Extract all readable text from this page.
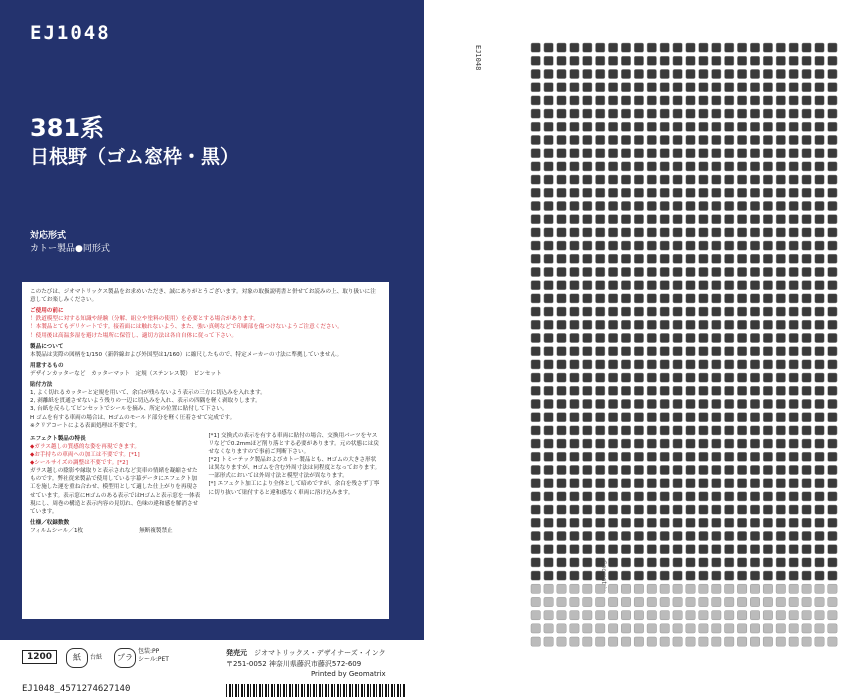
EJ1048
381系
日根野（ゴム窓枠・黒）
対応形式
カトー製品●同形式

このたびは、ジオマトリックス製品をお求めいただき、誠にありがとうございます。対象の取扱説明書と併せてお読みの上、取り扱いに注意してお楽しみください。

ご使用の前に

！鉄道模型に対する知識や経験（分解、組立や塗料の使用）を必要とする場合があります。

！本製品とてもデリケートです。接着面には触れないよう、また、強い真剣などで印刷部を傷つけないようご注意ください。

！使用後は高温多湿を避けた場所に保管し、適切方法は各自自体に従って下さい。

製品について

本製品は実際の図柄を1/150（新幹線および外国型は1/160）に縮尺したもので、特定メーカーの寸法に準拠していません。

用意するもの

デザインカッターなど　カッターマット　定規（ステンレス製）　ピンセット

貼付方法

1, よく切れるカッターと定規を用いて、余白が残らないよう表示の三方に切込みを入れます。

2, 剥離紙を貫通させないよう残りの一辺に切込みを入れ、表示の四隅を軽く剥取りします。

3, 台紙を反らしてピンセットでシールを摘み、所定の位置に貼付して下さい。

H ゴムを有する車両の場合は、Hゴムのモールド部分を軽く圧着させて完成です。

※クリアコートによる表面処理は不要です。

エフェクト製品の特長

◆ガラス越しの質感的な姿を再現できます。

◆お手持ちの車両への加工は不要です。[*1]

◆シールサイズの調整は不要です。[*2]

ガラス越しの陰影や縁取りと表示されなど実車の情緒を凝縮させたものです。弊社従来製品で使用している字幕データにエフェクト加工を施した運を重ね合わせ、模型用として適した仕上がりを再現させています。表示窓にHゴムのある表示ではHゴムと表示窓を一体表現にし、周巻の構造と表示内容の見切れ、色味の違和感を解消させています。

[*1] 交換式の表示を有する車両に貼付の場合、交換用パーツをヤスリなどで0.2mmほど削り落とする必要があります。元の状態には戻せなくなりますので事前ご判断下さい。

[*2] トミーテック製品およびカトー製品とも、Hゴムの大きさ形状は異なりますが、Hゴムを含む外周寸法は同程度となっております。一部形式においては外周寸法と模型寸法が異なります。

[*] エフェクト加工により全体として暗めですが、余白を残さず丁寧に切り抜いて貼付すると違和感なく車両に溶け込みます。

仕様／収録数数

フィルムシール／1枚　　　　　　　　　　	無断複製禁止

1200	紙	台紙	プラ
包装:PP
シール:PET
発売元　 ジオマトリックス・デザイナーズ・インク
〒251-0052 神奈川県藤沢市藤沢572-609
Printed by Geomatrix
EJ1048_4571274627140
EJ1048
